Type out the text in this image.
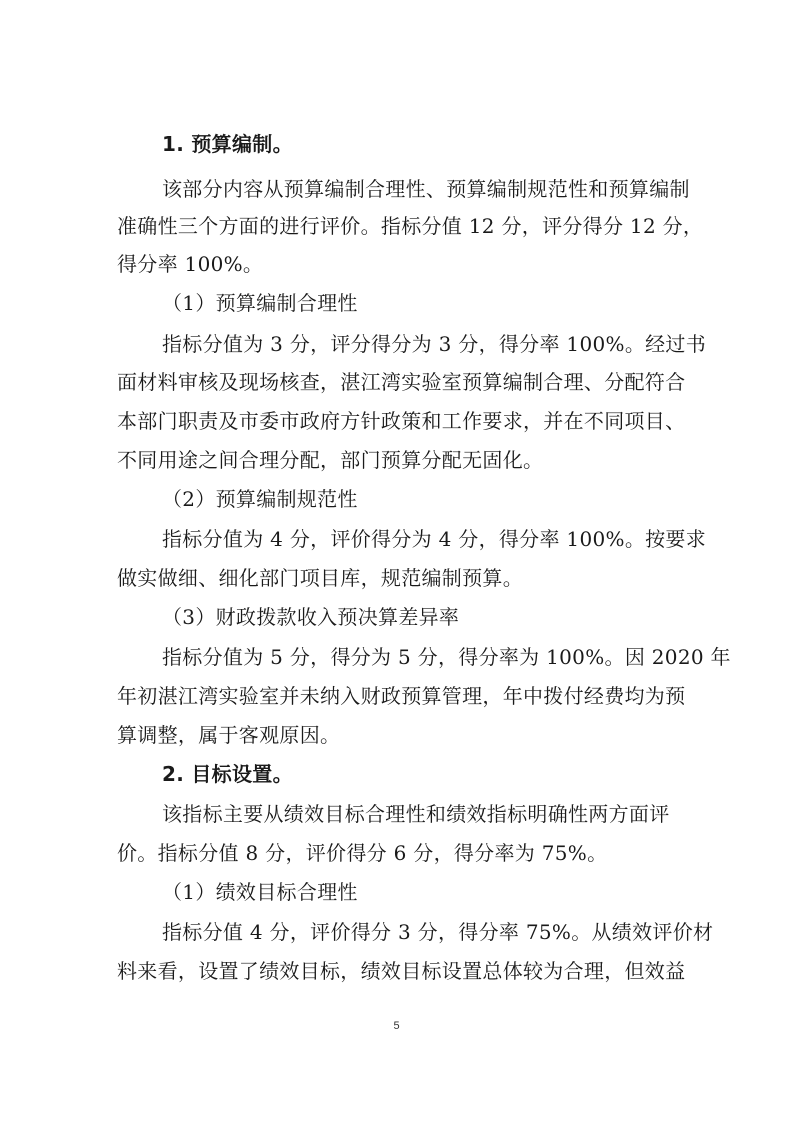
1. 预算编制。
该部分内容从预算编制合理性、预算编制规范性和预算编制
准确性三个方面的进行评价。指标分值 12 分，评分得分 12 分，
得分率 100%。
（1）预算编制合理性
指标分值为 3 分，评分得分为 3 分，得分率 100%。经过书
面材料审核及现场核查，湛江湾实验室预算编制合理、分配符合
本部门职责及市委市政府方针政策和工作要求，并在不同项目、
不同用途之间合理分配，部门预算分配无固化。
（2）预算编制规范性
指标分值为 4 分，评价得分为 4 分，得分率 100%。按要求
做实做细、细化部门项目库，规范编制预算。
（3）财政拨款收入预决算差异率
指标分值为 5 分，得分为 5 分，得分率为 100%。因 2020 年
年初湛江湾实验室并未纳入财政预算管理，年中拨付经费均为预
算调整，属于客观原因。
2. 目标设置。
该指标主要从绩效目标合理性和绩效指标明确性两方面评
价。指标分值 8 分，评价得分 6 分，得分率为 75%。
（1）绩效目标合理性
指标分值 4 分，评价得分 3 分，得分率 75%。从绩效评价材
料来看，设置了绩效目标，绩效目标设置总体较为合理，但效益
5
